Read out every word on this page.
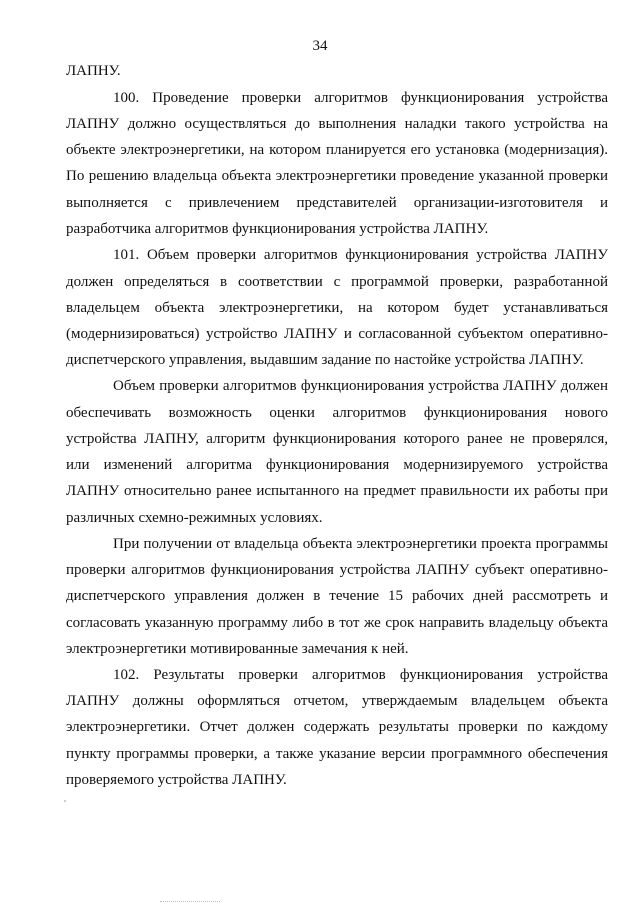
34
ЛАПНУ.
100. Проведение проверки алгоритмов функционирования устройства
ЛАПНУ должно осуществляться до выполнения наладки такого устройства на
объекте электроэнергетики, на котором планируется его установка (модернизация).
По решению владельца объекта электроэнергетики проведение указанной проверки
выполняется с привлечением представителей организации-изготовителя и
разработчика алгоритмов функционирования устройства ЛАПНУ.
101. Объем проверки алгоритмов функционирования устройства ЛАПНУ
должен определяться в соответствии с программой проверки, разработанной
владельцем объекта электроэнергетики, на котором будет устанавливаться
(модернизироваться) устройство ЛАПНУ и согласованной субъектом оперативно-
диспетчерского управления, выдавшим задание по настойке устройства ЛАПНУ.
Объем проверки алгоритмов функционирования устройства ЛАПНУ должен
обеспечивать возможность оценки алгоритмов функционирования нового
устройства ЛАПНУ, алгоритм функционирования которого ранее не проверялся,
или изменений алгоритма функционирования модернизируемого устройства
ЛАПНУ относительно ранее испытанного на предмет правильности их работы при
различных схемно-режимных условиях.
При получении от владельца объекта электроэнергетики проекта программы
проверки алгоритмов функционирования устройства ЛАПНУ субъект оперативно-
диспетчерского управления должен в течение 15 рабочих дней рассмотреть и
согласовать указанную программу либо в тот же срок направить владельцу объекта
электроэнергетики мотивированные замечания к ней.
102. Результаты проверки алгоритмов функционирования устройства
ЛАПНУ должны оформляться отчетом, утверждаемым владельцем объекта
электроэнергетики. Отчет должен содержать результаты проверки по каждому
пункту программы проверки, а также указание версии программного обеспечения
проверяемого устройства ЛАПНУ.
